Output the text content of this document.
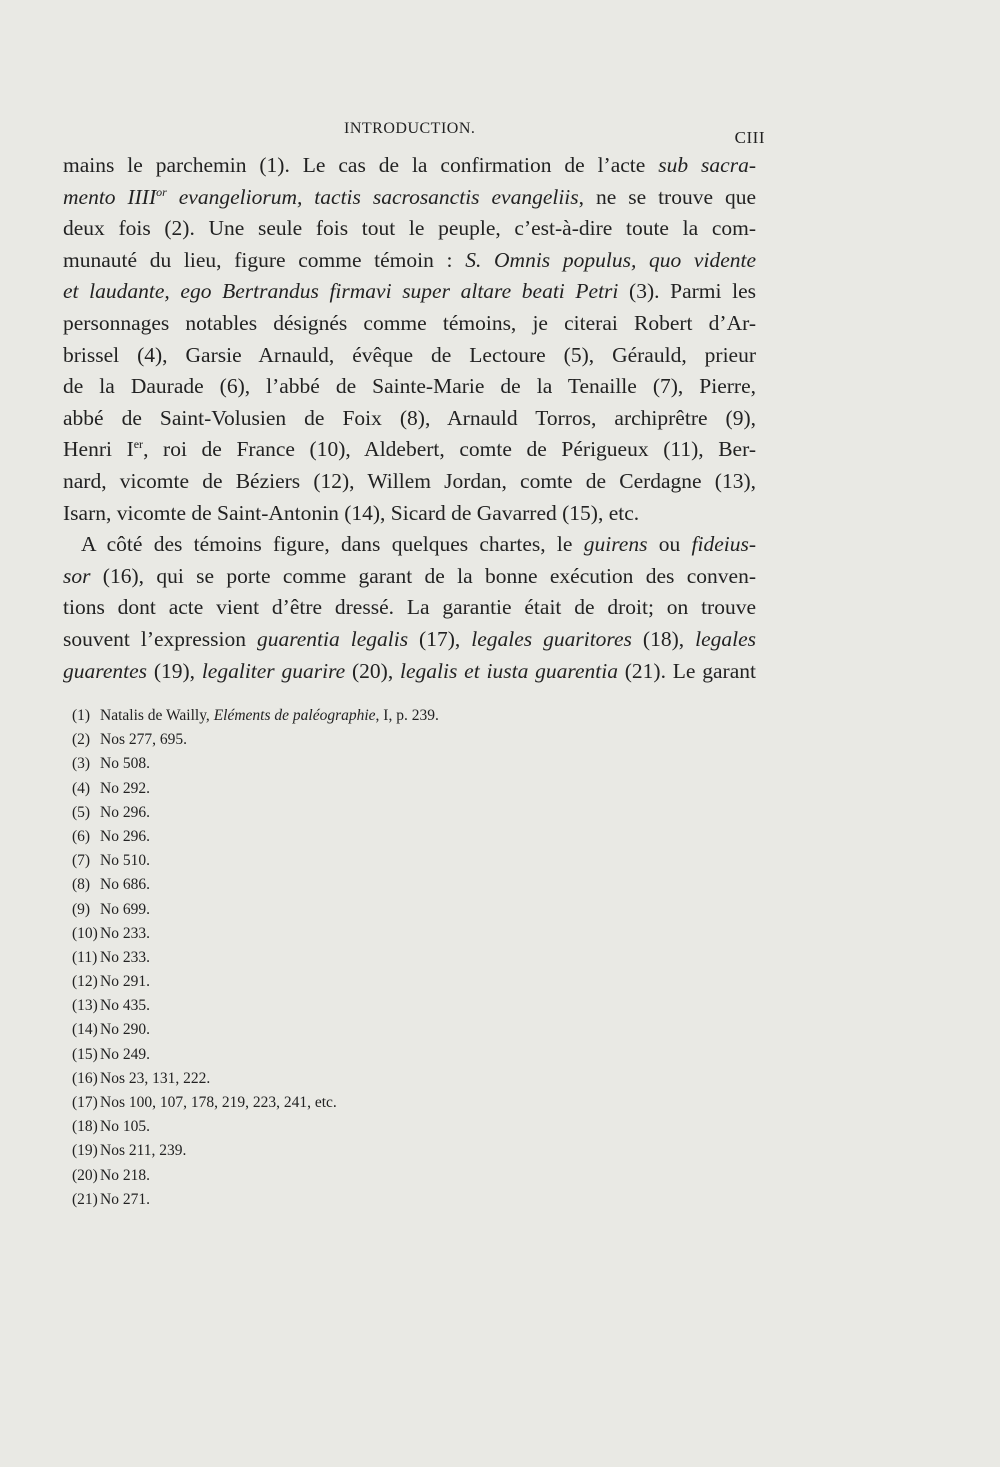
INTRODUCTION.	CIII
mains le parchemin (1). Le cas de la confirmation de l’acte sub sacra-
mento $IIII^{or}$ evangeliorum, tactis sacrosanctis evangeliis, ne se trouve que
deux fois (2). Une seule fois tout le peuple, c’est-à-dire toute la com-
munauté du lieu, figure comme témoin : S. Omnis populus, quo vidente
et laudante, ego Bertrandus firmavi super altare beati Petri (3). Parmi les
personnages notables désignés comme témoins, je citerai Robert d’Ar-
brissel (4), Garsie Arnauld, évêque de Lectoure (5), Gérauld, prieur
de la Daurade (6), l’abbé de Sainte-Marie de la Tenaille (7), Pierre,
abbé de Saint-Volusien de Foix (8), Arnauld Torros, archiprêtre (9),
Henri Ier, roi de France (10), Aldebert, comte de Périgueux (11), Ber-
nard, vicomte de Béziers (12), Willem Jordan, comte de Cerdagne (13),
Isarn, vicomte de Saint-Antonin (14), Sicard de Gavarred (15), etc.
A côté des témoins figure, dans quelques chartes, le guirens ou fideius-
sor (16), qui se porte comme garant de la bonne exécution des conven-
tions dont acte vient d’être dressé. La garantie était de droit; on trouve
souvent l’expression guarentia legalis (17), legales guaritores (18), legales
guarentes (19), legaliter guarire (20), legalis et iusta guarentia (21). Le garant
(1) Natalis de Wailly, Eléments de paléographie, I, p. 239.
(2) Nos 277, 695.
(3) No 508.
(4) No 292.
(5) No 296.
(6) No 296.
(7) No 510.
(8) No 686.
(9) No 699.
(10) No 233.
(11) No 233.
(12) No 291.
(13) No 435.
(14) No 290.
(15) No 249.
(16) Nos 23, 131, 222.
(17) Nos 100, 107, 178, 219, 223, 241, etc.
(18) No 105.
(19) Nos 211, 239.
(20) No 218.
(21) No 271.
